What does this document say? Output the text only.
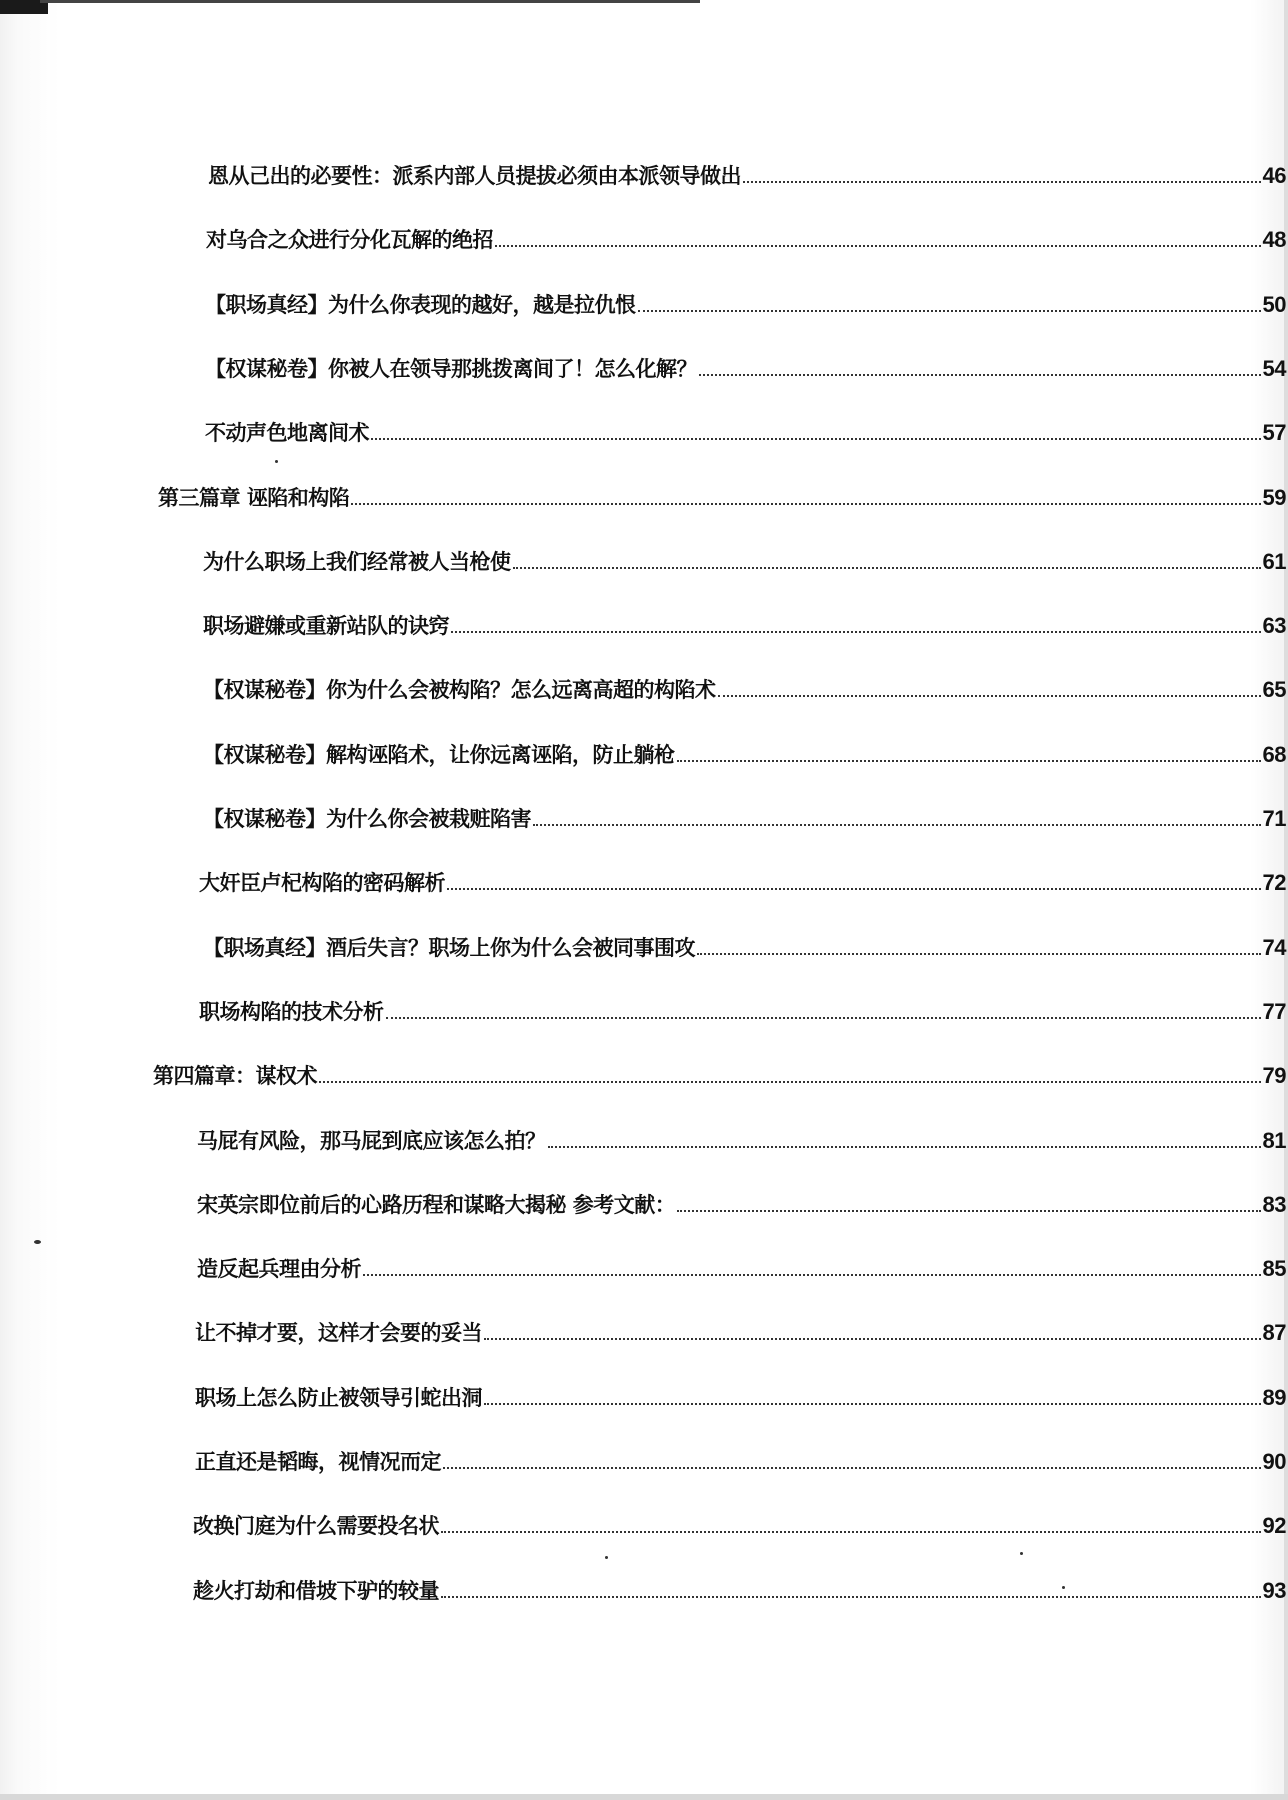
恩从己出的必要性：派系内部人员提拔必须由本派领导做出	46
对乌合之众进行分化瓦解的绝招	48
【职场真经】为什么你表现的越好，越是拉仇恨	50
【权谋秘卷】你被人在领导那挑拨离间了！怎么化解？	54
不动声色地离间术	57
第三篇章 诬陷和构陷	59
为什么职场上我们经常被人当枪使	61
职场避嫌或重新站队的诀窍	63
【权谋秘卷】你为什么会被构陷？怎么远离高超的构陷术	65
【权谋秘卷】解构诬陷术，让你远离诬陷，防止躺枪	68
【权谋秘卷】为什么你会被栽赃陷害	71
大奸臣卢杞构陷的密码解析	72
【职场真经】酒后失言？职场上你为什么会被同事围攻	74
职场构陷的技术分析	77
第四篇章：谋权术	79
马屁有风险，那马屁到底应该怎么拍？	81
宋英宗即位前后的心路历程和谋略大揭秘 参考文献：	83
造反起兵理由分析	85
让不掉才要，这样才会要的妥当	87
职场上怎么防止被领导引蛇出洞	89
正直还是韬晦，视情况而定	90
改换门庭为什么需要投名状	92
趁火打劫和借坡下驴的较量	93
